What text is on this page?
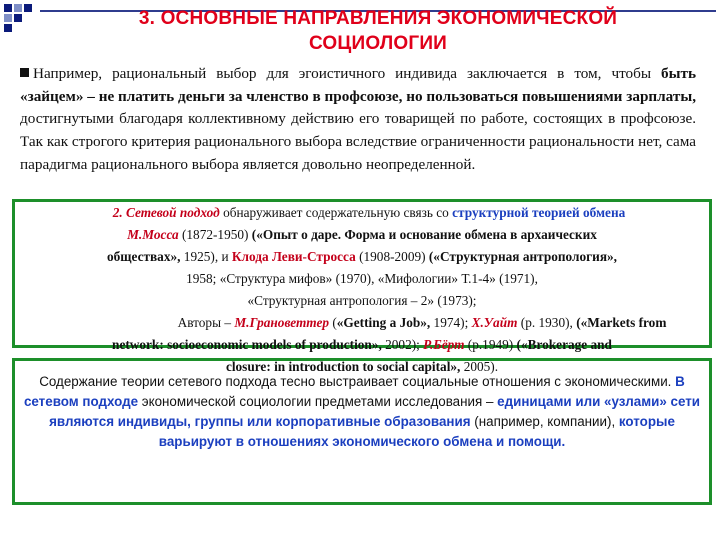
3. ОСНОВНЫЕ НАПРАВЛЕНИЯ ЭКОНОМИЧЕСКОЙ
СОЦИОЛОГИИ
Например, рациональный выбор для эгоистичного индивида заключается в том, чтобы быть «зайцем» – не платить деньги за членство в профсоюзе, но пользоваться повышениями зарплаты, достигнутыми благодаря коллективному действию его товарищей по работе, состоящих в профсоюзе. Так как строгого критерия рационального выбора вследствие ограниченности рациональности нет, сама парадигма рационального выбора является довольно неопределенной.
2. Сетевой подход обнаруживает содержательную связь со структурной теорией обмена
М.Мосса (1872-1950) («Опыт о даре. Форма и основание обмена в архаических
обществах», 1925), и Клода Леви-Стросса (1908-2009) («Структурная антропология»,
1958; «Структура мифов» (1970), «Мифологии» Т.1-4» (1971),
«Структурная антропология – 2» (1973);
Авторы – М.Грановеттер («Getting a Job», 1974); Х.Уайт (р. 1930), («Markets from
network: socioeconomic models of production», 2002); Р.Бёрт (р.1949) («Brokerage and
closure: in introduction to social capital», 2005).
Содержание теории сетевого подхода тесно выстраивает социальные отношения с экономическими. В сетевом подходе экономической социологии предметами исследования – единицами или «узлами» сети являются индивиды, группы или корпоративные образования (например, компании), которые варьируют в отношениях экономического обмена и помощи.
